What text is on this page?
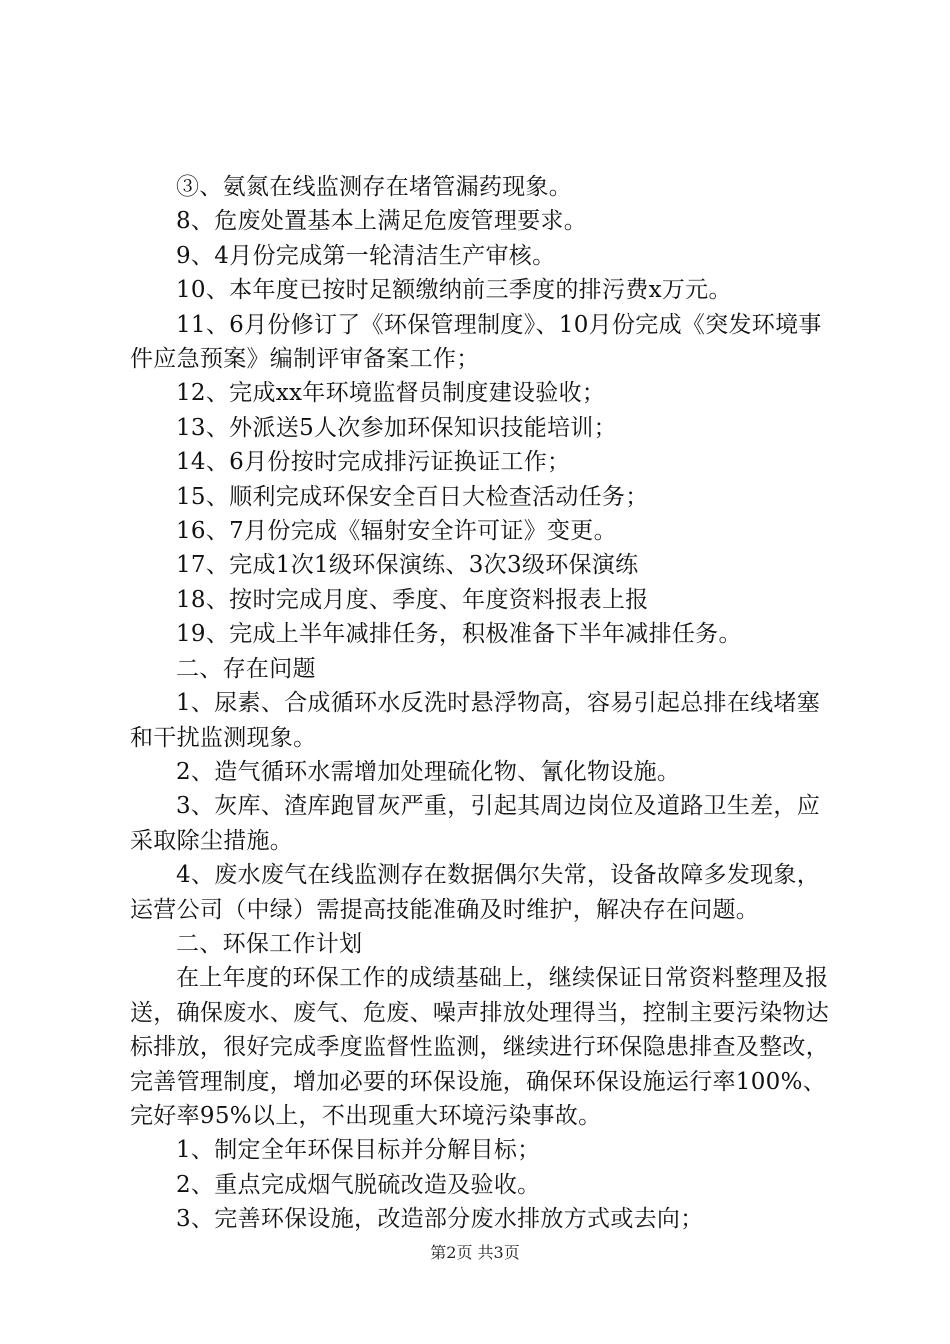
③、氨氮在线监测存在堵管漏药现象。

8、危废处置基本上满足危废管理要求。

9、4月份完成第一轮清洁生产审核。

10、本年度已按时足额缴纳前三季度的排污费x万元。

11、6月份修订了《环保管理制度》、10月份完成《突发环境事件应急预案》编制评审备案工作；

12、完成xx年环境监督员制度建设验收；

13、外派送5人次参加环保知识技能培训；

14、6月份按时完成排污证换证工作；

15、顺利完成环保安全百日大检查活动任务；

16、7月份完成《辐射安全许可证》变更。

17、完成1次1级环保演练、3次3级环保演练

18、按时完成月度、季度、年度资料报表上报

19、完成上半年减排任务，积极准备下半年减排任务。

二、存在问题

1、尿素、合成循环水反洗时悬浮物高，容易引起总排在线堵塞和干扰监测现象。

2、造气循环水需增加处理硫化物、氰化物设施。

3、灰库、渣库跑冒灰严重，引起其周边岗位及道路卫生差，应采取除尘措施。

4、废水废气在线监测存在数据偶尔失常，设备故障多发现象，运营公司（中绿）需提高技能准确及时维护，解决存在问题。

二、环保工作计划

在上年度的环保工作的成绩基础上，继续保证日常资料整理及报送，确保废水、废气、危废、噪声排放处理得当，控制主要污染物达标排放，很好完成季度监督性监测，继续进行环保隐患排查及整改，完善管理制度，增加必要的环保设施，确保环保设施运行率100%、完好率95%以上，不出现重大环境污染事故。

1、制定全年环保目标并分解目标；

2、重点完成烟气脱硫改造及验收。

3、完善环保设施，改造部分废水排放方式或去向；

第2页 共3页
